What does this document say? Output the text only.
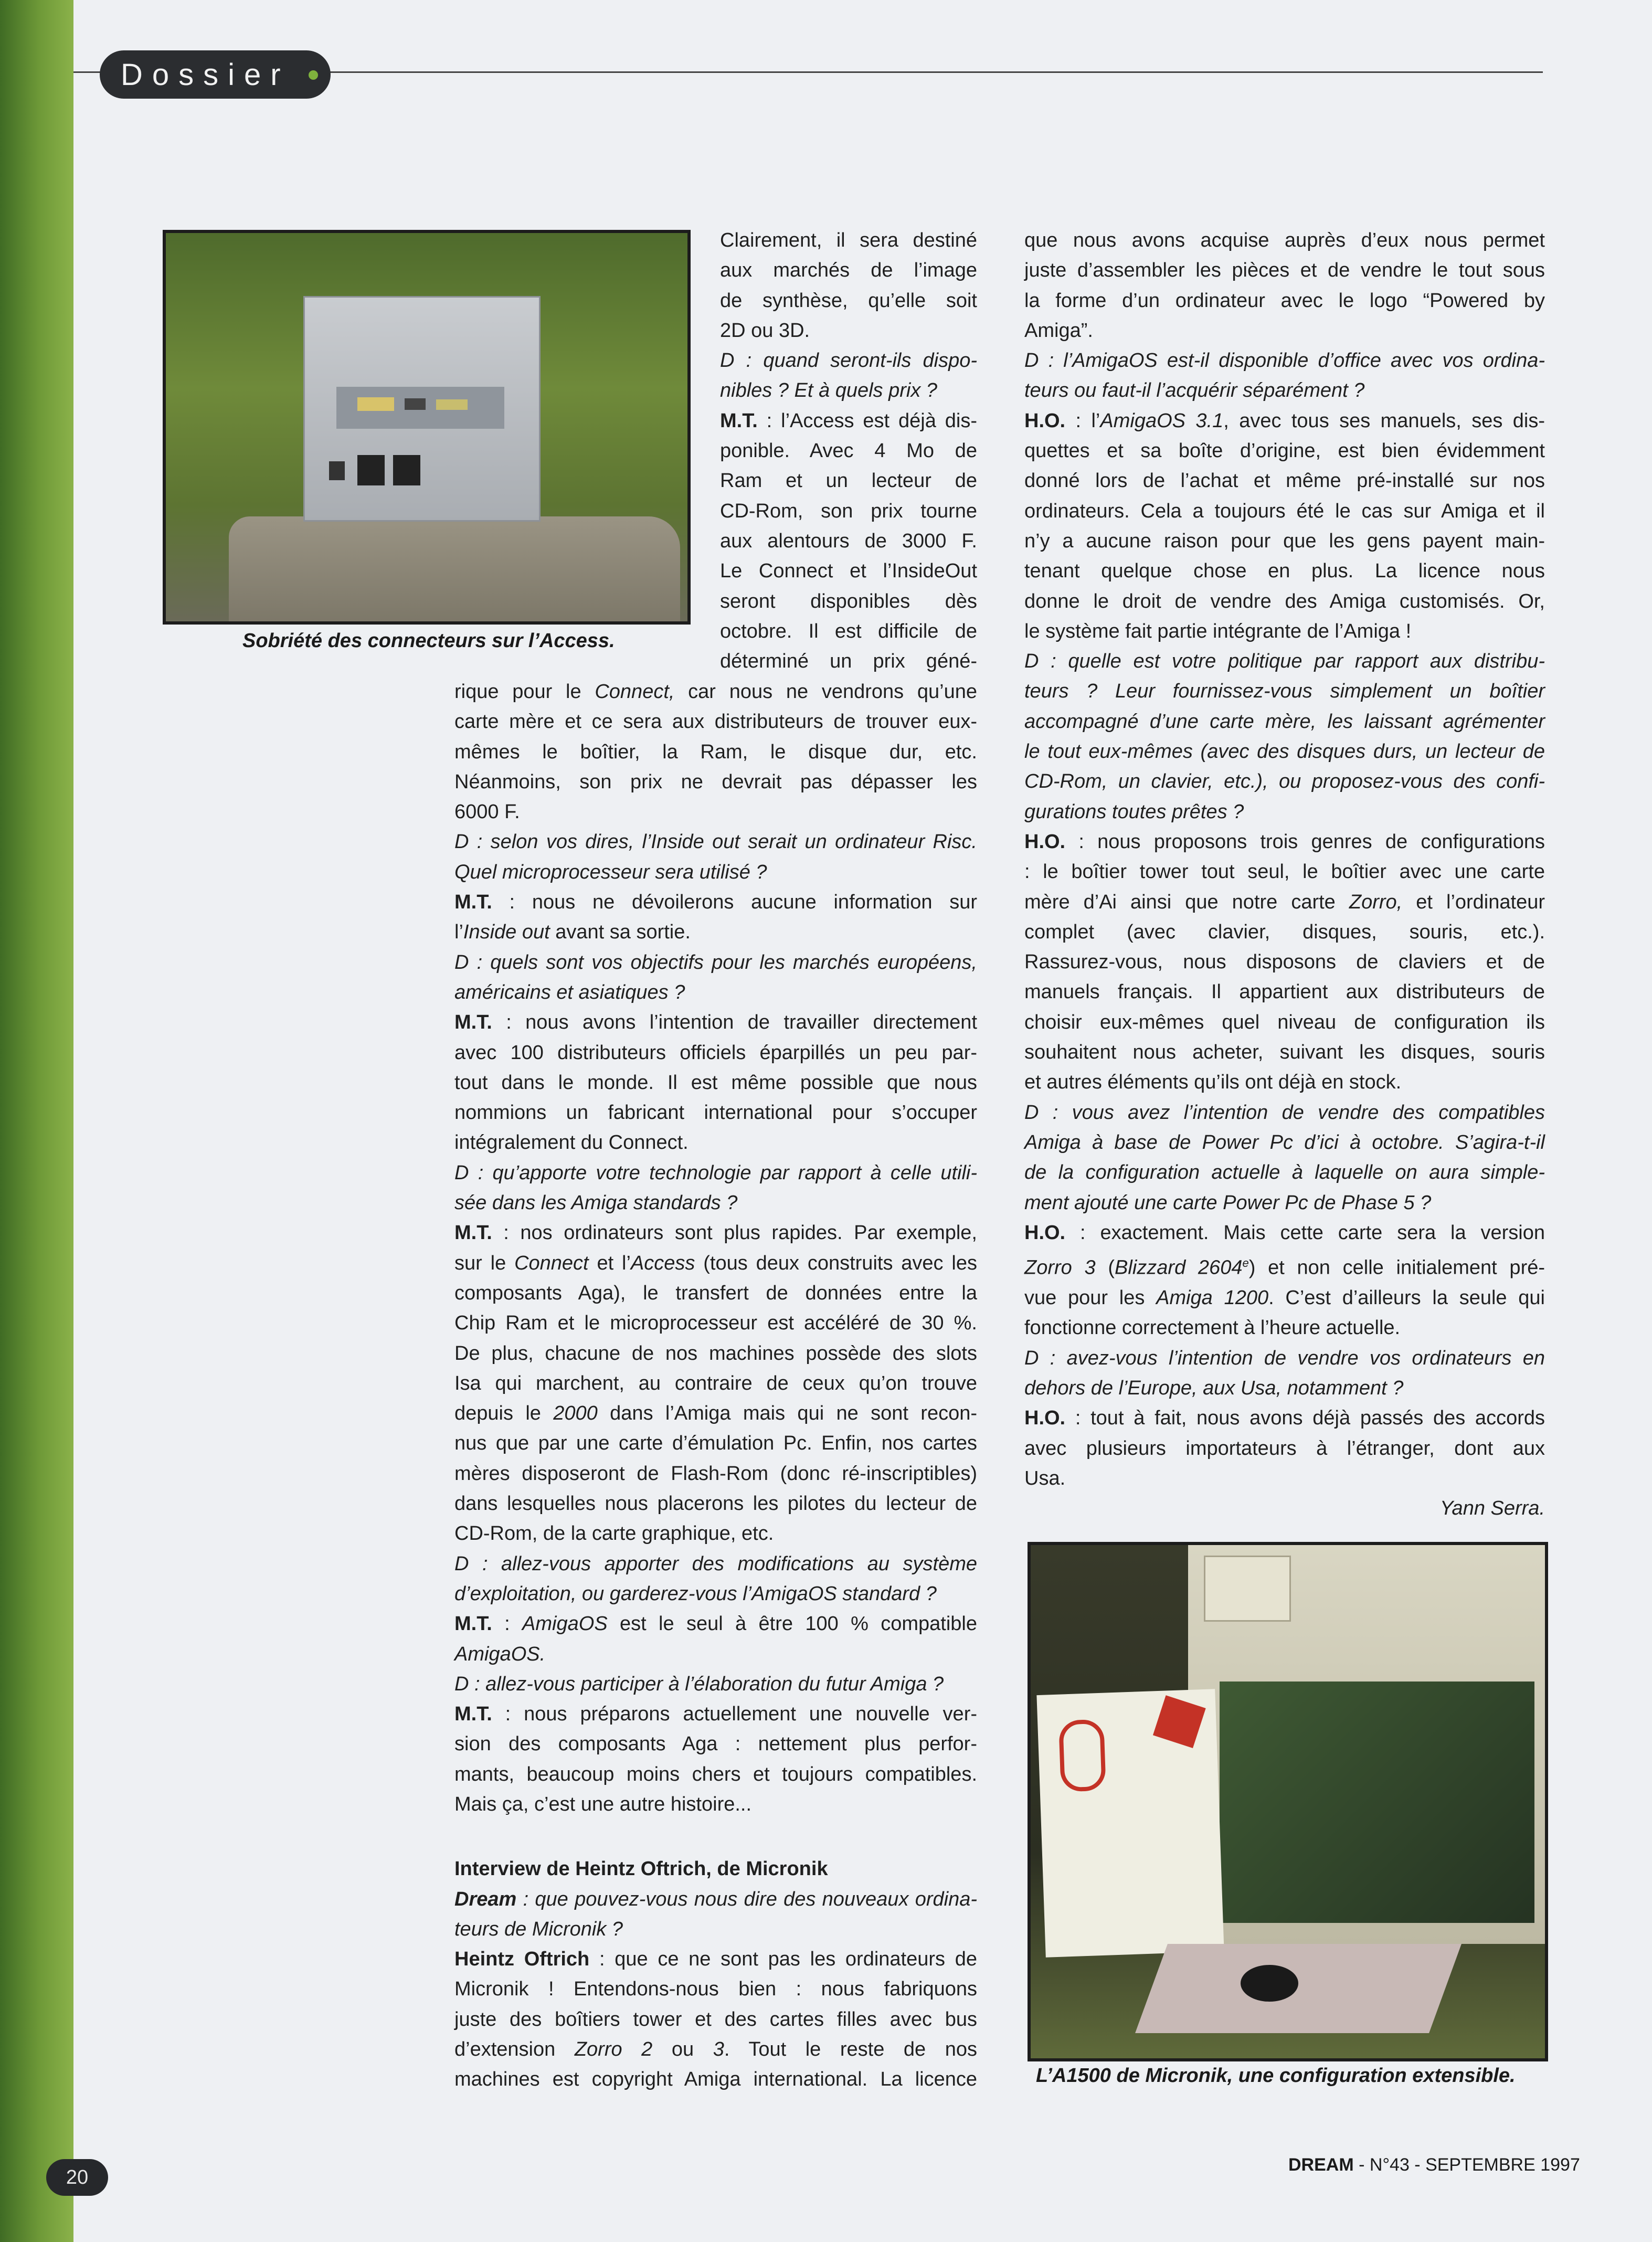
Dossier
Sobriété des connecteurs sur l’Access.

Clairement, il sera destiné

aux marchés de l’image

de synthèse, qu’elle soit

2D ou 3D.

D : quand seront-ils dispo-

nibles ? Et à quels prix ?

M.T. : l’Access est déjà dis-

ponible. Avec 4 Mo de

Ram et un lecteur de

CD-Rom, son prix tourne

aux alentours de 3000 F.

Le Connect et l’InsideOut

seront disponibles dès

octobre. Il est difficile de

déterminé un prix géné-

rique pour le Connect, car nous ne vendrons qu’une

carte mère et ce sera aux distributeurs de trouver eux-

mêmes le boîtier, la Ram, le disque dur, etc.

Néanmoins, son prix ne devrait pas dépasser les

6000 F.

D : selon vos dires, l’Inside out serait un ordinateur Risc.

Quel microprocesseur sera utilisé ?

M.T. : nous ne dévoilerons aucune information sur

l’Inside out avant sa sortie.

D : quels sont vos objectifs pour les marchés européens,

américains et asiatiques ?

M.T. : nous avons l’intention de travailler directement

avec 100 distributeurs officiels éparpillés un peu par-

tout dans le monde. Il est même possible que nous

nommions un fabricant international pour s’occuper

intégralement du Connect.

D : qu’apporte votre technologie par rapport à celle utili-

sée dans les Amiga standards ?

M.T. : nos ordinateurs sont plus rapides. Par exemple,

sur le Connect et l’Access (tous deux construits avec les

composants Aga), le transfert de données entre la

Chip Ram et le microprocesseur est accéléré de 30 %.

De plus, chacune de nos machines possède des slots

Isa qui marchent, au contraire de ceux qu’on trouve

depuis le 2000 dans l’Amiga mais qui ne sont recon-

nus que par une carte d’émulation Pc. Enfin, nos cartes

mères disposeront de Flash-Rom (donc ré-inscriptibles)

dans lesquelles nous placerons les pilotes du lecteur de

CD-Rom, de la carte graphique, etc.

D : allez-vous apporter des modifications au système

d’exploitation, ou garderez-vous l’AmigaOS standard ?

M.T. : AmigaOS est le seul à être 100 % compatible

AmigaOS.

D : allez-vous participer à l’élaboration du futur Amiga ?

M.T. : nous préparons actuellement une nouvelle ver-

sion des composants Aga : nettement plus perfor-

mants, beaucoup moins chers et toujours compatibles.

Mais ça, c’est une autre histoire...

Interview de Heintz Oftrich, de Micronik

Dream : que pouvez-vous nous dire des nouveaux ordina-

teurs de Micronik ?

Heintz Oftrich : que ce ne sont pas les ordinateurs de

Micronik ! Entendons-nous bien : nous fabriquons

juste des boîtiers tower et des cartes filles avec bus

d’extension Zorro 2 ou 3. Tout le reste de nos

machines est copyright Amiga international. La licence

que nous avons acquise auprès d’eux nous permet

juste d’assembler les pièces et de vendre le tout sous

la forme d’un ordinateur avec le logo “Powered by

Amiga”.

D : l’AmigaOS est-il disponible d’office avec vos ordina-

teurs ou faut-il l’acquérir séparément ?

H.O. : l’AmigaOS 3.1, avec tous ses manuels, ses dis-

quettes et sa boîte d’origine, est bien évidemment

donné lors de l’achat et même pré-installé sur nos

ordinateurs. Cela a toujours été le cas sur Amiga et il

n’y a aucune raison pour que les gens payent main-

tenant quelque chose en plus. La licence nous

donne le droit de vendre des Amiga customisés. Or,

le système fait partie intégrante de l’Amiga !

D : quelle est votre politique par rapport aux distribu-

teurs ? Leur fournissez-vous simplement un boîtier

accompagné d’une carte mère, les laissant agrémenter

le tout eux-mêmes (avec des disques durs, un lecteur de

CD-Rom, un clavier, etc.), ou proposez-vous des confi-

gurations toutes prêtes ?

H.O. : nous proposons trois genres de configurations

: le boîtier tower tout seul, le boîtier avec une carte

mère d’Ai ainsi que notre carte Zorro, et l’ordinateur

complet (avec clavier, disques, souris, etc.).

Rassurez-vous, nous disposons de claviers et de

manuels français. Il appartient aux distributeurs de

choisir eux-mêmes quel niveau de configuration ils

souhaitent nous acheter, suivant les disques, souris

et autres éléments qu’ils ont déjà en stock.

D : vous avez l’intention de vendre des compatibles

Amiga à base de Power Pc d’ici à octobre. S’agira-t-il

de la configuration actuelle à laquelle on aura simple-

ment ajouté une carte Power Pc de Phase 5 ?

H.O. : exactement. Mais cette carte sera la version

Zorro 3 (Blizzard 2604e) et non celle initialement pré-

vue pour les Amiga 1200. C’est d’ailleurs la seule qui

fonctionne correctement à l’heure actuelle.

D : avez-vous l’intention de vendre vos ordinateurs en

dehors de l’Europe, aux Usa, notamment ?

H.O. : tout à fait, nous avons déjà passés des accords

avec plusieurs importateurs à l’étranger, dont aux

Usa.

Yann Serra.

L’A1500 de Micronik, une configuration extensible.
20
DREAM - N°43 - SEPTEMBRE 1997
